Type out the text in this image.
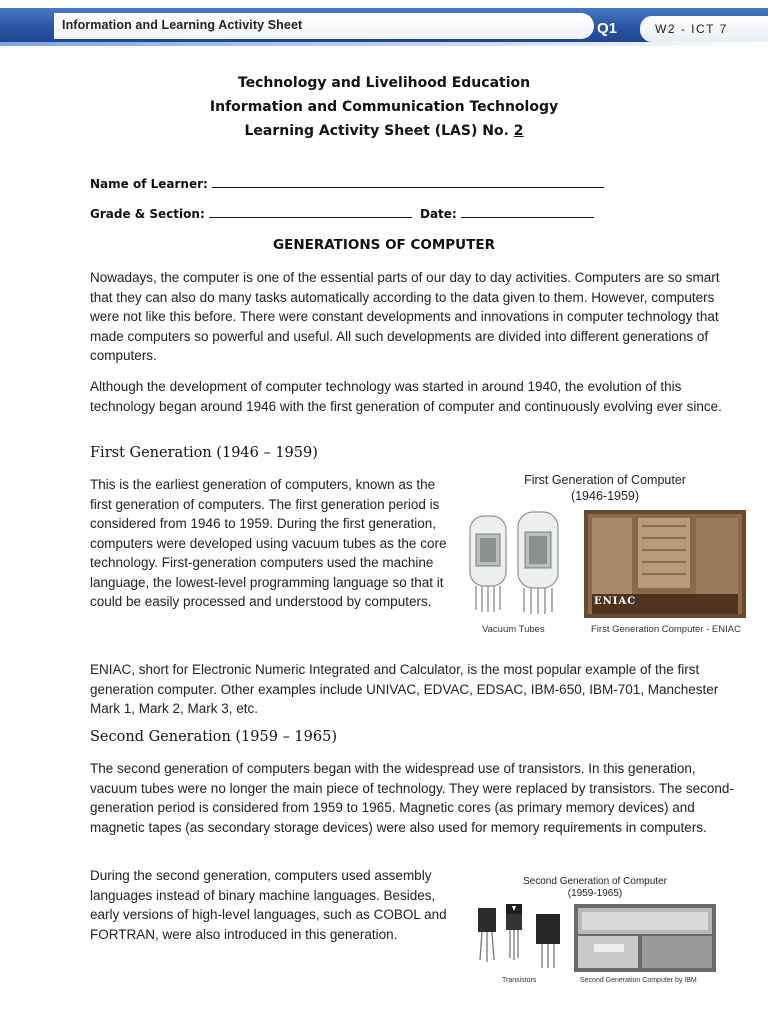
Information and Learning Activity Sheet	Q1	W2 - ICT 7
Technology and Livelihood Education
Information and Communication Technology
Learning Activity Sheet (LAS) No. 2
Name of Learner:
Grade & Section:	Date:
GENERATIONS OF COMPUTER
Nowadays, the computer is one of the essential parts of our day to day activities. Computers are so smart that they can also do many tasks automatically according to the data given to them. However, computers were not like this before. There were constant developments and innovations in computer technology that made computers so powerful and useful. All such developments are divided into different generations of computers.
Although the development of computer technology was started in around 1940, the evolution of this technology began around 1946 with the first generation of computer and continuously evolving ever since.
First Generation (1946 – 1959)
This is the earliest generation of computers, known as the first generation of computers. The first generation period is considered from 1946 to 1959. During the first generation, computers were developed using vacuum tubes as the core technology. First-generation computers used the machine language, the lowest-level programming language so that it could be easily processed and understood by computers.
First Generation of Computer
(1946-1959)
ENIAC
Vacuum Tubes	First Generation Computer - ENIAC
ENIAC, short for Electronic Numeric Integrated and Calculator, is the most popular example of the first generation computer. Other examples include UNIVAC, EDVAC, EDSAC, IBM-650, IBM-701, Manchester Mark 1, Mark 2, Mark 3, etc.
Second Generation (1959 – 1965)
The second generation of computers began with the widespread use of transistors. In this generation, vacuum tubes were no longer the main piece of technology. They were replaced by transistors. The second-generation period is considered from 1959 to 1965. Magnetic cores (as primary memory devices) and magnetic tapes (as secondary storage devices) were also used for memory requirements in computers.
During the second generation, computers used assembly languages instead of binary machine languages. Besides, early versions of high-level languages, such as COBOL and FORTRAN, were also introduced in this generation.
Second Generation of Computer
(1959-1965)
Transistors	Second Generation Computer by IBM
